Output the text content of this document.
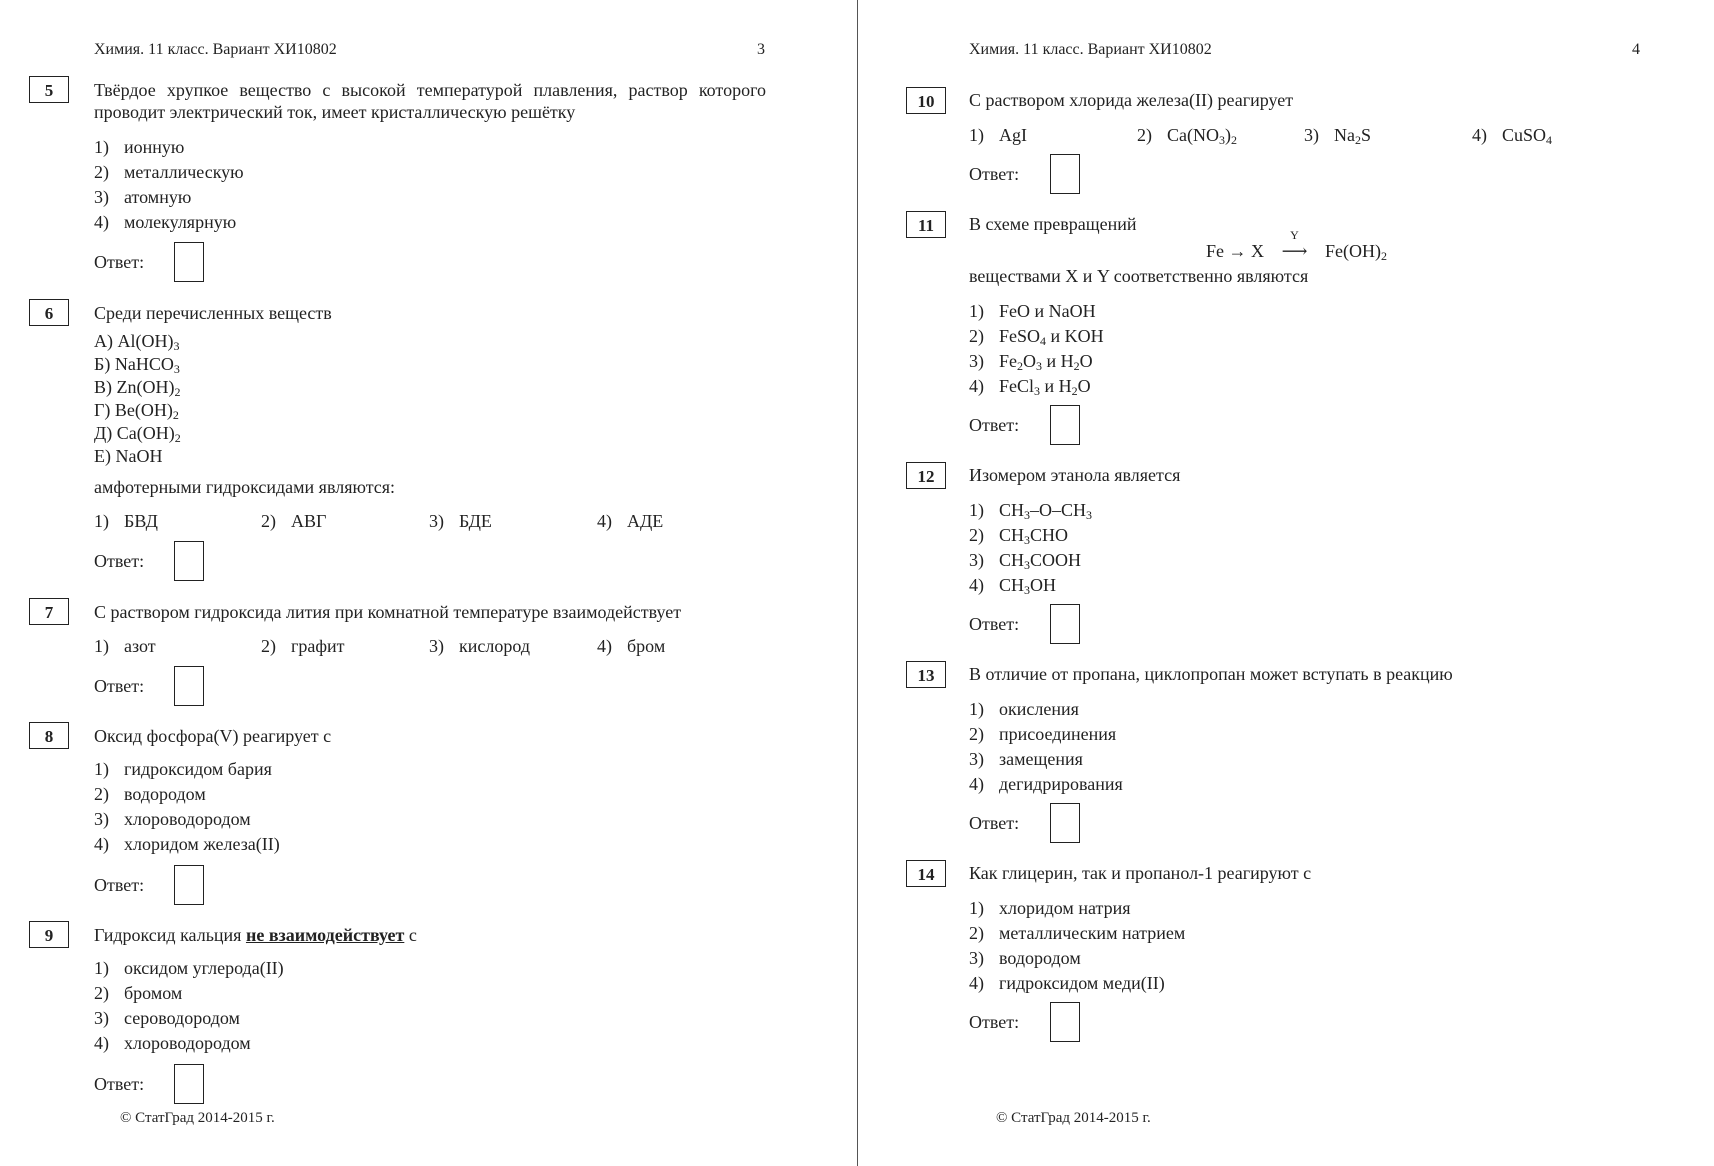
Химия. 11 класс. Вариант ХИ10802	3
5	Твёрдое хрупкое вещество с высокой температурой плавления, раствор которого проводит электрический ток, имеет кристаллическую решётку
1) ионную
2) металлическую
3) атомную
4) молекулярную
Ответ:
6	Среди перечисленных веществ
А) $Al(OH)_3$
Б) NaHCO$_3$
В) $Zn(OH)_2$
Г) $Be(OH)_2$
Д) $Ca(OH)_2$
Е) NaOH
амфотерными гидроксидами являются:
1) БВД	2) АВГ	3) БДЕ	4) АДЕ
Ответ:
7	С раствором гидроксида лития при комнатной температуре взаимодействует
1) азот	2) графит	3) кислород	4) бром
Ответ:
8	Оксид фосфора(V) реагирует с
1) гидроксидом бария
2) водородом
3) хлороводородом
4) хлоридом железа(II)
Ответ:
9	Гидроксид кальция не взаимодействует с
1) оксидом углерода(II)
2) бромом
3) сероводородом
4) хлороводородом
Ответ:
© СтатГрад 2014-2015 г.
Химия. 11 класс. Вариант ХИ10802	4
10	С раствором хлорида железа(II) реагирует
1) AgI	2) $Ca(NO_3)_2$	3) $Na_2S$	4) CuSO$_4$
Ответ:
11	В схеме превращений
Fe → X
Y
⟶ $Fe(OH)_2$
веществами X и Y соответственно являются
1) FeO и NaOH
2) FeSO$_4$ и KOH
3) $Fe_2O_3$ и $H_2O$
4) FeCl$_3$ и $H_2O$
Ответ:
12	Изомером этанола является
1) $CH_3-O-CH_3$
2) $CH_3CHO$
3) $CH_3COOH$
4) $CH_3OH$
Ответ:
13	В отличие от пропана, циклопропан может вступать в реакцию
1) окисления
2) присоединения
3) замещения
4) дегидрирования
Ответ:
14	Как глицерин, так и пропанол-1 реагируют с
1) хлоридом натрия
2) металлическим натрием
3) водородом
4) гидроксидом меди(II)
Ответ:
© СтатГрад 2014-2015 г.
